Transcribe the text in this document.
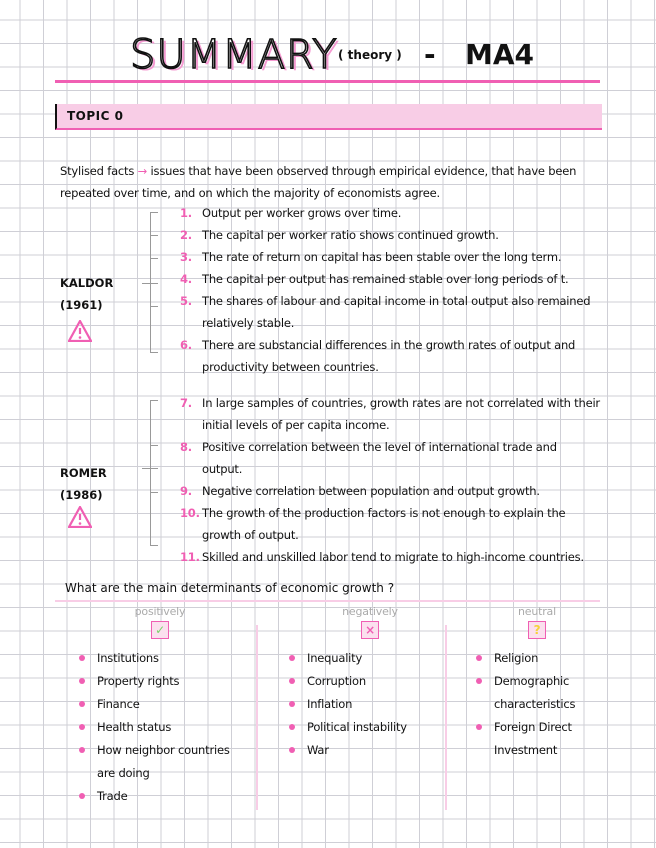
SUMMARY ( theory ) - MA4
TOPIC 0
Stylised facts → issues that have been observed through empirical evidence, that have been repeated over time, and on which the majority of economists agree.
KALDOR
(1961)
1. Output per worker grows over time.
2. The capital per worker ratio shows continued growth.
3. The rate of return on capital has been stable over the long term.
4. The capital per output has remained stable over long periods of t.
5. The shares of labour and capital income in total output also remained relatively stable.
6. There are substancial differences in the growth rates of output and productivity between countries.
ROMER
(1986)
7. In large samples of countries, growth rates are not correlated with their initial levels of per capita income.
8. Positive correlation between the level of international trade and output.
9. Negative correlation between population and output growth.
10. The growth of the production factors is not enough to explain the growth of output.
11. Skilled and unskilled labor tend to migrate to high-income countries.
What are the main determinants of economic growth ?
positively
✓
Institutions
Property rights
Finance
Health status
How neighbor countries are doing
Trade
negatively
×
Inequality
Corruption
Inflation
Political instability
War
neutral
?
Religion
Demographic characteristics
Foreign Direct Investment
